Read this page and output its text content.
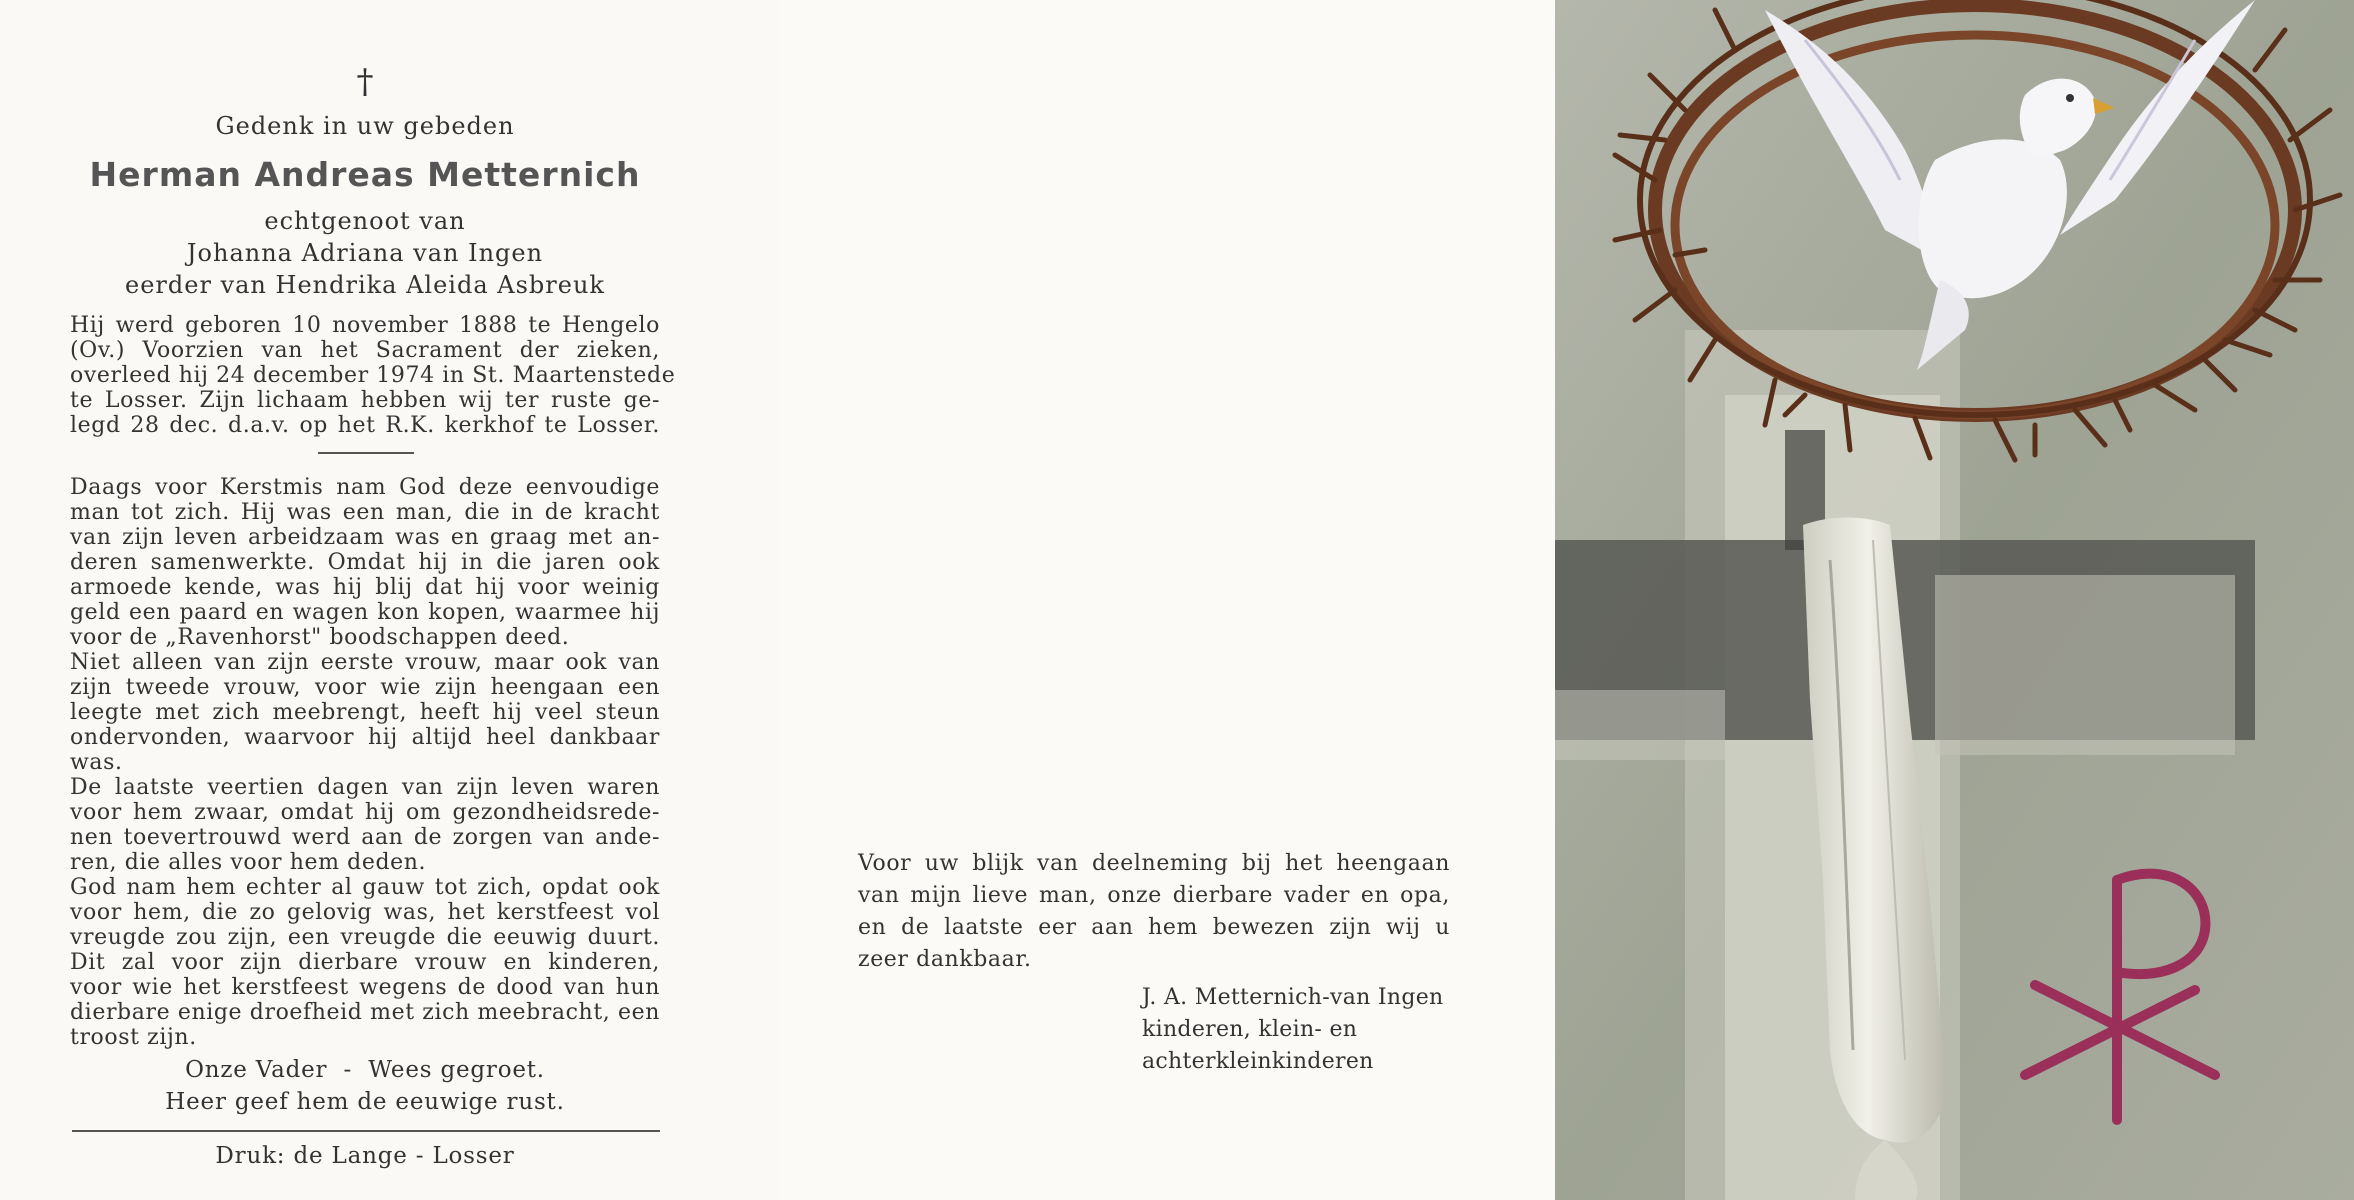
†
Gedenk in uw gebeden
Herman Andreas Metternich
echtgenoot van
Johanna Adriana van Ingen
eerder van Hendrika Aleida Asbreuk
Hij werd geboren 10 november 1888 te Hengelo
(Ov.) Voorzien van het Sacrament der zieken,
overleed hij 24 december 1974 in St. Maartenstede
te Losser. Zijn lichaam hebben wij ter ruste ge-
legd 28 dec. d.a.v. op het R.K. kerkhof te Losser.
Daags voor Kerstmis nam God deze eenvoudige
man tot zich. Hij was een man, die in de kracht
van zijn leven arbeidzaam was en graag met an-
deren samenwerkte. Omdat hij in die jaren ook
armoede kende, was hij blij dat hij voor weinig
geld een paard en wagen kon kopen, waarmee hij
voor de „Ravenhorst" boodschappen deed.
Niet alleen van zijn eerste vrouw, maar ook van
zijn tweede vrouw, voor wie zijn heengaan een
leegte met zich meebrengt, heeft hij veel steun
ondervonden, waarvoor hij altijd heel dankbaar
was.
De laatste veertien dagen van zijn leven waren
voor hem zwaar, omdat hij om gezondheidsrede-
nen toevertrouwd werd aan de zorgen van ande-
ren, die alles voor hem deden.
God nam hem echter al gauw tot zich, opdat ook
voor hem, die zo gelovig was, het kerstfeest vol
vreugde zou zijn, een vreugde die eeuwig duurt.
Dit zal voor zijn dierbare vrouw en kinderen,
voor wie het kerstfeest wegens de dood van hun
dierbare enige droefheid met zich meebracht, een
troost zijn.
Onze Vader  -  Wees gegroet.
Heer geef hem de eeuwige rust.
Druk: de Lange - Losser
Voor uw blijk van deelneming bij het heengaan
van mijn lieve man, onze dierbare vader en opa,
en de laatste eer aan hem bewezen zijn wij u
zeer dankbaar.
J. A. Metternich-van Ingen
kinderen, klein- en
achterkleinkinderen
